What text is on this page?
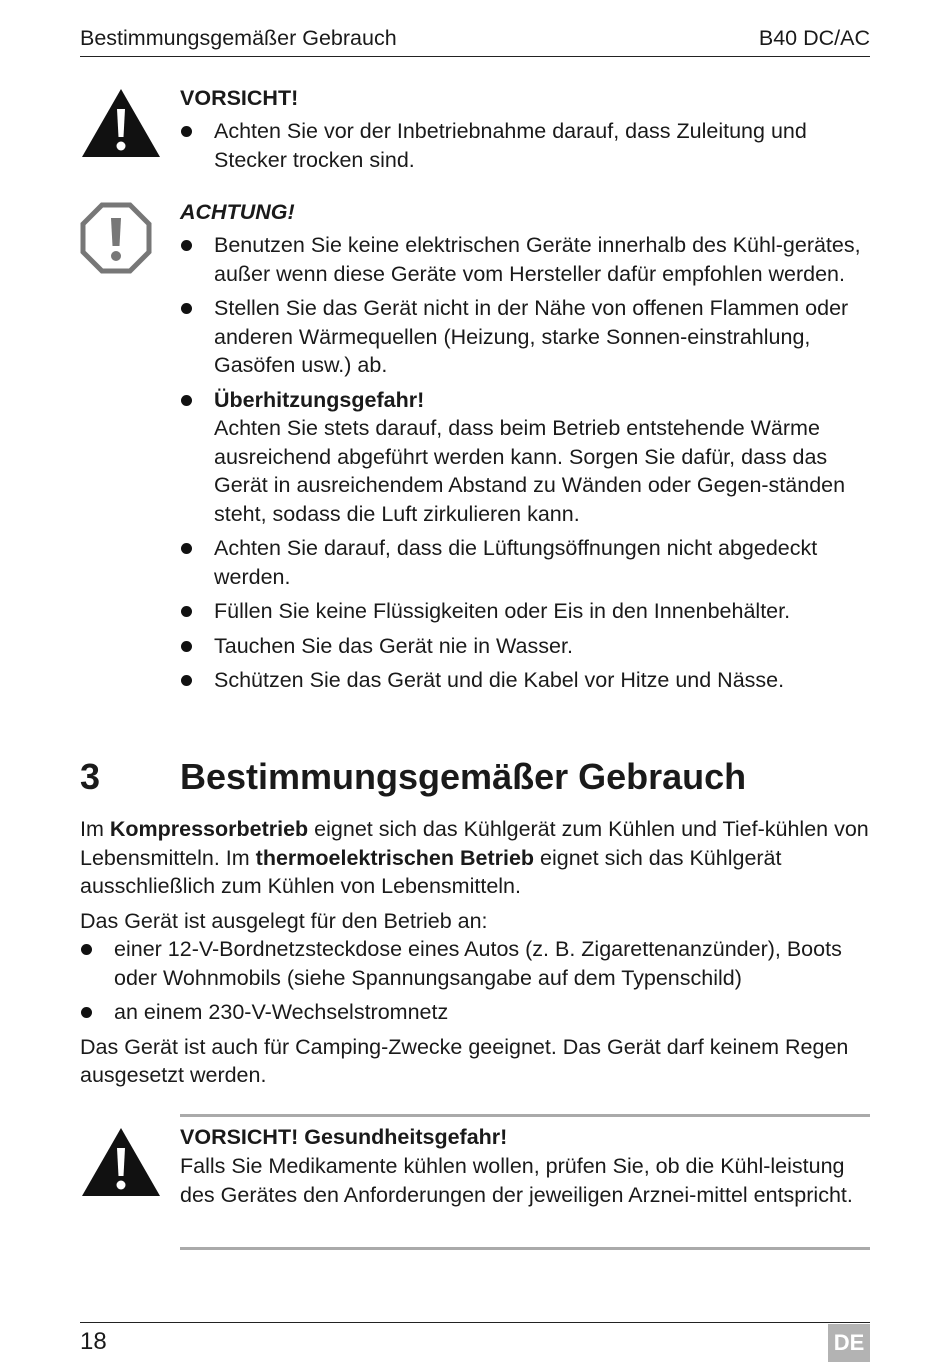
Bestimmungsgemäßer Gebrauch	B40 DC/AC
VORSICHT!
Achten Sie vor der Inbetriebnahme darauf, dass Zuleitung und Stecker trocken sind.
ACHTUNG!
Benutzen Sie keine elektrischen Geräte innerhalb des Kühl-gerätes, außer wenn diese Geräte vom Hersteller dafür empfohlen werden.
Stellen Sie das Gerät nicht in der Nähe von offenen Flammen oder anderen Wärmequellen (Heizung, starke Sonnen-einstrahlung, Gasöfen usw.) ab.
Überhitzungsgefahr!
Achten Sie stets darauf, dass beim Betrieb entstehende Wärme ausreichend abgeführt werden kann. Sorgen Sie dafür, dass das Gerät in ausreichendem Abstand zu Wänden oder Gegen-ständen steht, sodass die Luft zirkulieren kann.
Achten Sie darauf, dass die Lüftungsöffnungen nicht abgedeckt werden.
Füllen Sie keine Flüssigkeiten oder Eis in den Innenbehälter.
Tauchen Sie das Gerät nie in Wasser.
Schützen Sie das Gerät und die Kabel vor Hitze und Nässe.
3 Bestimmungsgemäßer Gebrauch

Im Kompressorbetrieb eignet sich das Kühlgerät zum Kühlen und Tief-kühlen von Lebensmitteln. Im thermoelektrischen Betrieb eignet sich das Kühlgerät ausschließlich zum Kühlen von Lebensmitteln.

Das Gerät ist ausgelegt für den Betrieb an:

einer 12-V-Bordnetzsteckdose eines Autos (z. B. Zigarettenanzünder), Boots oder Wohnmobils (siehe Spannungsangabe auf dem Typenschild)
an einem 230-V-Wechselstromnetz

Das Gerät ist auch für Camping-Zwecke geeignet. Das Gerät darf keinem Regen ausgesetzt werden.

VORSICHT! Gesundheitsgefahr!
Falls Sie Medikamente kühlen wollen, prüfen Sie, ob die Kühl-leistung des Gerätes den Anforderungen der jeweiligen Arznei-mittel entspricht.
18	DE
